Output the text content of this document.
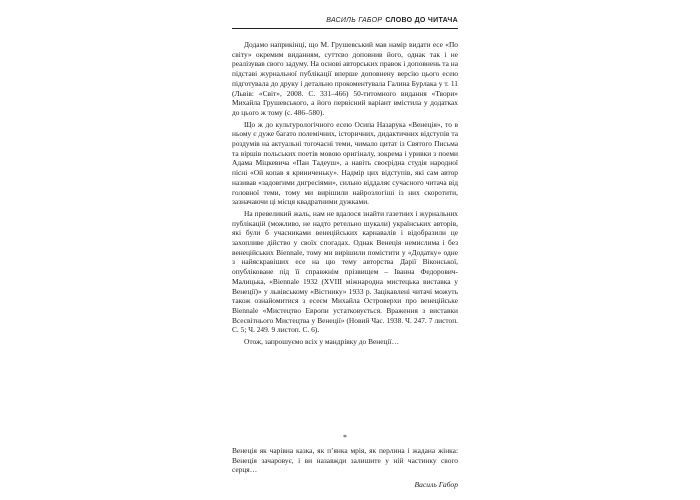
ВАСИЛЬ ГАБОР СЛОВО ДО ЧИТАЧА

Додамо наприкінці, що М. Грушевський мав намір видати есе «По світу» окремим виданням, суттєво доповнив його, однак так і не реалізував свого задуму. На основі авторських правок і доповнень та на підставі журнальної публікації вперше доповнену версію цього есею підготувала до друку і детально прокоментувала Галина Бурлака у т. 11 (Львів: «Світ», 2008. С. 331–466) 50-титомного видання «Твори» Михайла Грушевського, а його первісний варіант вмістила у додатках до цього ж тому (с. 486–580).

Що ж до культурологічного есею Осипа Назарука «Венеція», то в ньому є дуже багато полемічних, історичних, дидактичних відступів та роздумів на актуальні тогочасні теми, чимало цитат із Святого Письма та віршів польських поетів мовою оригіналу, зокрема і уривки з поеми Адама Міцкевича «Пан Тадеуш», а навіть своєрідна студія народної пісні «Ой копав я криниченьку». Надмір цих відступів, які сам автор називав «задовгими дигресіями», сильно віддаляє сучасного читача від головної теми, тому ми вирішили найрозлогіші із них скоротити, зазначаючи ці місця квадратними дужками.

На превеликий жаль, нам не вдалося знайти газетних і журнальних публікацій (можливо, не надто ретельно шукали) українських авторів, які були б учасниками венеційських карнавалів і відобразили це захопливе дійство у своїх спогадах. Однак Венеція немислима і без венеційських Biennale, тому ми вирішили помістити у «Додатку» одне з найяскравіших есе на цю тему авторства Дарії Віконської, опубліковане під її справжнім прізвищем – Іванна Федорович-Малицька, «Biennale 1932 (XVIII міжнародна мистецька виставка у Венеції)» у львівському «Вістнику» 1933 р. Зацікавлені читачі можуть також ознайомитися з есеєм Михайла Островерхи про венеційське Biennale «Мистецтво Европи устатковується. Враження з виставки Всесвітнього Мистецтва у Венеції» (Новий Час. 1938. Ч. 247. 7 листоп. С. 5; Ч. 249. 9 листоп. С. 6).

Отож, запрошуємо всіх у мандрівку до Венеції…

*

Венеція як чарівна казка, як п’янка мрія, як перлина і жадана жінка: Венеція зачаровує, і ви назавжди залишите у ній частинку свого серця…

Василь Габор
